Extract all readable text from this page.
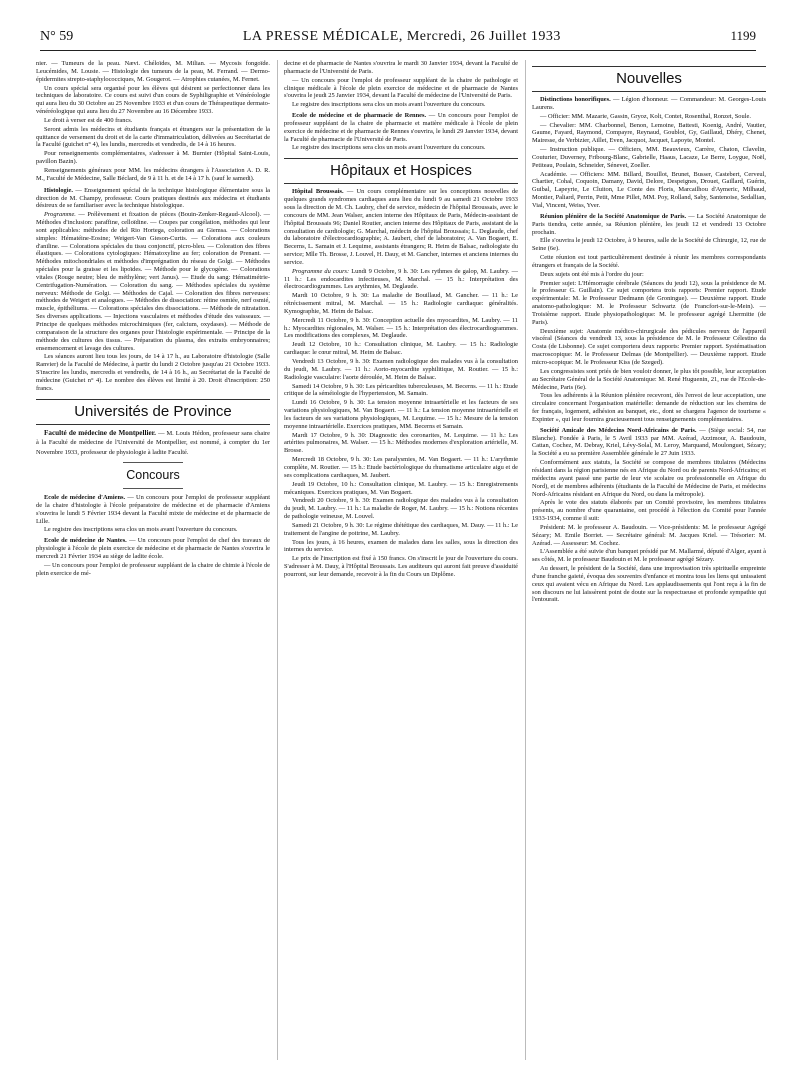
N° 59	LA PRESSE MÉDICALE, Mercredi, 26 Juillet 1933	1199

nier. — Tumeurs de la peau. Nævi. Chéloïdes, M. Milian. — Mycosis fongoïde. Leucémides, M. Louste. — Histologie des tumeurs de la peau, M. Ferrand. — Dermo-épidermites strepto-staphylococciques, M. Gougerot. — Atrophies cutanées, M. Fernet.

Un cours spécial sera organisé pour les élèves qui désirent se perfectionner dans les techniques de laboratoire. Ce cours est suivi d'un cours de Syphiligraphie et Vénéréologie qui aura lieu du 30 Octobre au 25 Novembre 1933 et d'un cours de Thérapeutique dermato-vénéréologique qui aura lieu du 27 Novembre au 16 Décembre 1933.

Le droit à verser est de 400 francs.

Seront admis les médecins et étudiants français et étrangers sur la présentation de la quittance de versement du droit et de la carte d'immatriculation, délivrées au Secrétariat de la Faculté (guichet n° 4), les lundis, mercredis et vendredis, de 14 à 16 heures.

Pour renseignements complémentaires, s'adresser à M. Burnier (Hôpital Saint-Louis, pavillon Bazin).

Renseignements généraux pour MM. les médecins étrangers à l'Association A. D. R. M., Faculté de Médecine, Salle Béclard, de 9 à 11 h. et de 14 à 17 h. (sauf le samedi).

Histologie. — Enseignement spécial de la technique histologique élémentaire sous la direction de M. Champy, professeur. Cours pratiques destinés aux médecins et étudiants désireux de se familiariser avec la technique histologique.

Programme. — Prélèvement et fixation de pièces (Bouin-Zenker-Regaud-Alcool). — Méthodes d'inclusion: paraffine, celloïdine. — Coupes par congélation, méthodes qui leur sont applicables: méthodes de del Rio Hortega, coloration au Giemsa. — Colorations simples: Hématéine-Eosine; Weigert-Van Gieson-Curtis. — Colorations aux couleurs d'aniline. — Colorations spéciales du tissu conjonctif, picro-bleu. — Coloration des fibres élastiques. — Colorations cytologiques: Hématoxyline au fer; coloration de Prenant. — Méthodes mitochondriales et méthodes d'imprégnation du réseau de Golgi. — Méthodes spéciales pour la graisse et les lipoïdes. — Méthode pour le glycogène. — Colorations vitales (Rouge neutre; bleu de méthylène; vert Janus). — Etude du sang: Hématimétrie-Centrifugation-Numération. — Coloration du sang. — Méthodes spéciales du système nerveux: Méthode de Golgi. — Méthodes de Cajal. — Coloration des fibres nerveuses: méthodes de Weigert et analogues. — Méthodes de dissociation: rétine osmiée, nerf osmié, muscle, épithéliums. — Colorations spéciales des dissociations. — Méthode de nitratation. Ses diverses applications. — Injections vasculaires et méthodes d'étude des vaisseaux. — Principe de quelques méthodes microchimiques (fer, calcium, oxydases). — Méthode de comparaison de la structure des organes pour l'histologie expérimentale. — Principe de la méthode des cultures des tissus. — Préparation du plasma, des extraits embryonnaires; ensemencement et lavage des cultures.

Les séances auront lieu tous les jours, de 14 à 17 h., au Laboratoire d'histologie (Salle Ranvier) de la Faculté de Médecine, à partir du lundi 2 Octobre jusqu'au 21 Octobre 1933. S'inscrire les lundis, mercredis et vendredis, de 14 à 16 h., au Secrétariat de la Faculté de médecine (Guichet n° 4). Le nombre des élèves est limité à 20. Droit d'inscription: 250 francs.

Universités de Province

Faculté de médecine de Montpellier. — M. Louis Hédon, professeur sans chaire à la Faculté de médecine de l'Université de Montpellier, est nommé, à compter du 1er Novembre 1933, professeur de physiologie à ladite Faculté.

Concours

Ecole de médecine d'Amiens. — Un concours pour l'emploi de professeur suppléant de la chaire d'histologie à l'école préparatoire de médecine et de pharmacie d'Amiens s'ouvrira le lundi 5 Février 1934 devant la Faculté mixte de médecine et de pharmacie de Lille.

Le registre des inscriptions sera clos un mois avant l'ouverture du concours.

Ecole de médecine de Nantes. — Un concours pour l'emploi de chef des travaux de physiologie à l'école de plein exercice de médecine et de pharmacie de Nantes s'ouvrira le mercredi 21 Février 1934 au siège de ladite école.

— Un concours pour l'emploi de professeur suppléant de la chaire de chimie à l'école de plein exercice de mé-

decine et de pharmacie de Nantes s'ouvrira le mardi 30 Janvier 1934, devant la Faculté de pharmacie de l'Université de Paris.

— Un concours pour l'emploi de professeur suppléant de la chaire de pathologie et clinique médicale à l'école de plein exercice de médecine et de pharmacie de Nantes s'ouvrira le jeudi 25 Janvier 1934, devant la Faculté de médecine de l'Université de Paris.

Le registre des inscriptions sera clos un mois avant l'ouverture du concours.

Ecole de médecine et de pharmacie de Rennes. — Un concours pour l'emploi de professeur suppléant de la chaire de pharmacie et matière médicale à l'école de plein exercice de médecine et de pharmacie de Rennes s'ouvrira, le lundi 29 Janvier 1934, devant la Faculté de pharmacie de l'Université de Paris.

Le registre des inscriptions sera clos un mois avant l'ouverture du concours.

Hôpitaux et Hospices

Hôpital Broussais. — Un cours complémentaire sur les conceptions nouvelles de quelques grands syndromes cardiaques aura lieu du lundi 9 au samedi 21 Octobre 1933 sous la direction de M. Ch. Laubry, chef de service, médecin de l'hôpital Broussais, avec le concours de MM. Jean Walser, ancien interne des Hôpitaux de Paris, Médecin-assistant de l'hôpital Broussais 96; Daniel Routier, ancien interne des Hôpitaux de Paris, assistant de la consultation de cardiologie; G. Marchal, médecin de l'hôpital Broussais; L. Deglaude, chef du laboratoire d'électrocardiographie; A. Jaubert, chef de laboratoire; A. Van Bogaert, E. Becerns, L. Samain et J. Lequime, assistants étrangers; R. Heim de Balsac, radiologiste du service; Mlle Th. Brosse, J. Louvel, H. Dauy, et M. Gancher, internes et anciens internes du service.

Programme du cours: Lundi 9 Octobre, 9 h. 30: Les rythmes de galop, M. Laubry. — 11 h.: Les endocardites infectieuses, M. Marchal. — 15 h.: Interprétation des électrocardiogrammes. Les arythmies, M. Deglaude.

Mardi 10 Octobre, 9 h. 30: La maladie de Bouillaud, M. Gancher. — 11 h.: Le rétrécissement mitral, M. Marchal. — 15 h.: Radiologie cardiaque: généralités. Kymographie, M. Heim de Balsac.

Mercredi 11 Octobre, 9 h. 30: Conception actuelle des myocardites, M. Laubry. — 11 h.: Myocardites régionales, M. Walser. — 15 h.: Interprétation des électrocardiogrammes. Les modifications des complexes, M. Deglaude.

Jeudi 12 Octobre, 10 h.: Consultation clinique, M. Laubry. — 15 h.: Radiologie cardiaque: le cœur mitral, M. Heim de Balsac.

Vendredi 13 Octobre, 9 h. 30: Examen radiologique des malades vus à la consultation du jeudi, M. Laubry. — 11 h.: Aorto-myocardite syphilitique, M. Routier. — 15 h.: Radiologie vasculaire: l'aorte déroulée, M. Heim de Balsac.

Samedi 14 Octobre, 9 h. 30: Les péricardites tuberculeuses, M. Becerns. — 11 h.: Etude critique de la séméiologie de l'hypertension, M. Samain.

Lundi 16 Octobre, 9 h. 30: La tension moyenne intraartérielle et les facteurs de ses variations physiologiques, M. Van Bogaert. — 11 h.: La tension moyenne intraartérielle et les facteurs de ses variations physiologiques, M. Lequime. — 15 h.: Mesure de la tension moyenne intraartérielle. Exercices pratiques, MM. Becerns et Samain.

Mardi 17 Octobre, 9 h. 30: Diagnostic des coronarites, M. Lequime. — 11 h.: Les artérites pulmonaires, M. Walser. — 15 h.: Méthodes modernes d'exploration artérielle, M. Brosse.

Mercredi 18 Octobre, 9 h. 30: Les paralysmies, M. Van Bogaert. — 11 h.: L'arythmie complète, M. Routier. — 15 h.: Etude bactériologique du rhumatisme articulaire aigu et de ses complications cardiaques, M. Jaubert.

Jeudi 19 Octobre, 10 h.: Consultation clinique, M. Laubry. — 15 h.: Enregistrements mécaniques. Exercices pratiques, M. Van Bogaert.

Vendredi 20 Octobre, 9 h. 30: Examen radiologique des malades vus à la consultation du jeudi, M. Laubry. — 11 h.: La maladie de Roger, M. Laubry. — 15 h.: Notions récentes de pathologie veineuse, M. Louvel.

Samedi 21 Octobre, 9 h. 30: Le régime diététique des cardiaques, M. Dauy. — 11 h.: Le traitement de l'angine de poitrine, M. Laubry.

Tous les jours, à 16 heures, examen de malades dans les salles, sous la direction des internes du service.

Le prix de l'inscription est fixé à 150 francs. On s'inscrit le jour de l'ouverture du cours. S'adresser à M. Dauy, à l'Hôpital Broussais. Les auditeurs qui auront fait preuve d'assiduité pourront, sur leur demande, recevoir à la fin du Cours un Diplôme.

Nouvelles

Distinctions honorifiques. — Légion d'honneur. — Commandeur: M. Georges-Louis Laurens.

— Officier: MM. Mazarie, Gassin, Gryoz, Kolt, Contet, Rosenthal, Ronzet, Soule.

— Chevalier: MM. Charbonnel, Benon, Lemoine, Battesti, Koenig, André, Vautier, Gaume, Fayard, Raymond, Compayre, Reynaud, Goublot, Gy, Gaillaud, Dhéry, Chenet, Mairesse, de Verbizier, Aillet, Even, Jacquot, Jacquet, Lapoyte, Montel.

— Instruction publique. — Officiers, MM. Beauvieux, Carrère, Chaton, Clavelin, Couturier, Duverney, Fribourg-Blanc, Gabrielle, Haaus, Lacaze, Le Berre, Loygue, Noël, Petiteau, Poulain, Schneider, Sénevet, Zoeller.

Académie. — Officiers: MM. Billard, Bouillot, Brunet, Busser, Castebert, Cerveul, Chartier, Cohal, Coquoin, Damany, David, Delore, Despeignes, Drouet, Gaillard, Guérin, Guibal, Lapeyrie, Le Cluiton, Le Conte des Floris, Marcailhou d'Aymeric, Milhaud, Montier, Paliard, Perrin, Petit, Mme Pillet, MM. Poy, Rolland, Saby, Santenoise, Sedallian, Vial, Vincent, Weiss, Yver.

Réunion plénière de la Société Anatomique de Paris. — La Société Anatomique de Paris tiendra, cette année, sa Réunion plénière, les jeudi 12 et vendredi 13 Octobre prochain.

Elle s'ouvrira le jeudi 12 Octobre, à 9 heures, salle de la Société de Chirurgie, 12, rue de Seine (6e).

Cette réunion est tout particulièrement destinée à réunir les membres correspondants étrangers et français de la Société.

Deux sujets ont été mis à l'ordre du jour:

Premier sujet: L'Hémorragie cérébrale (Séances du jeudi 12), sous la présidence de M. le professeur G. Guillain). Ce sujet comportera trois rapports: Premier rapport. Etude expérimentale: M. le Professeur Dedmann (de Groningue). — Deuxième rapport. Etude anatomo-pathologique: M. le Professeur Schwartz (de Francfort-sur-le-Mein). — Troisième rapport. Etude physiopathologique: M. le professeur agrégé Lhermitte (de Paris).

Deuxième sujet: Anatomie médico-chirurgicale des pédicules nerveux de l'appareil viscéral (Séances du vendredi 13, sous la présidence de M. le Professeur Célestino da Costa (de Lisbonne). Ce sujet comportera deux rapports: Premier rapport. Systématisation macroscopique: M. le Professeur Delmas (de Montpellier). — Deuxième rapport. Etude micro-scopique: M. le Professeur Kiss (de Szeged).

Les congressistes sont priés de bien vouloir donner, le plus tôt possible, leur acceptation au Secrétaire Général de la Société Anatomique: M. René Huguenin, 21, rue de l'Ecole-de-Médecine, Paris (6e).

Tous les adhérents à la Réunion plénière recevront, dès l'envoi de leur acceptation, une circulaire concernant l'organisation matérielle: demande de réduction sur les chemins de fer français, logement, adhésion au banquet, etc., dont se chargera l'agence de tourisme « Expinter », qui leur fournira gracieusement tous renseignements complémentaires.

Société Amicale des Médecins Nord-Africains de Paris. — (Siège social: 54, rue Blanche). Fondée à Paris, le 5 Avril 1933 par MM. Azérad, Azzimour, A. Baudouin, Cattan, Cochez, M. Debray, Kriel, Lévy-Solal, M. Leroy, Marquand, Moulonguet, Sézary; la Société a eu sa première Assemblée générale le 27 Juin 1933.

Conformément aux statuts, la Société se compose de membres titulaires (Médecins résidant dans la région parisienne nés en Afrique du Nord ou de parents Nord-Africains; et médecins ayant passé une partie de leur vie scolaire ou professionnelle en Afrique du Nord), et de membres adhérents (étudiants de la Faculté de Médecine de Paris, et médecins Nord-Africains résidant en Afrique du Nord, ou dans la métropole).

Après le vote des statuts élaborés par un Comité provisoire, les membres titulaires présents, au nombre d'une quarantaine, ont procédé à l'élection du Comité pour l'année 1933-1934, comme il suit:

Président: M. le professeur A. Baudouin. — Vice-présidents: M. le professeur Agrégé Sézary; M. Emile Borriet. — Secrétaire général: M. Jacques Kriel. — Trésorier: M. Azérad. — Assesseur: M. Cochez.

L'Assemblée a été suivie d'un banquet présidé par M. Mallarmé, député d'Alger, ayant à ses côtés, M. le professeur Baudouin et M. le professeur agrégé Sézary.

Au dessert, le président de la Société, dans une improvisation très spirituelle empreinte d'une franche gaieté, évoqua des souvenirs d'enfance et montra tous les liens qui unissaient ceux qui avaient vécu en Afrique du Nord. Les applaudissements qui l'ont reçu à la fin de son discours ne lui laissèrent point de doute sur la respectueuse et profonde sympathie qui l'entourait.
